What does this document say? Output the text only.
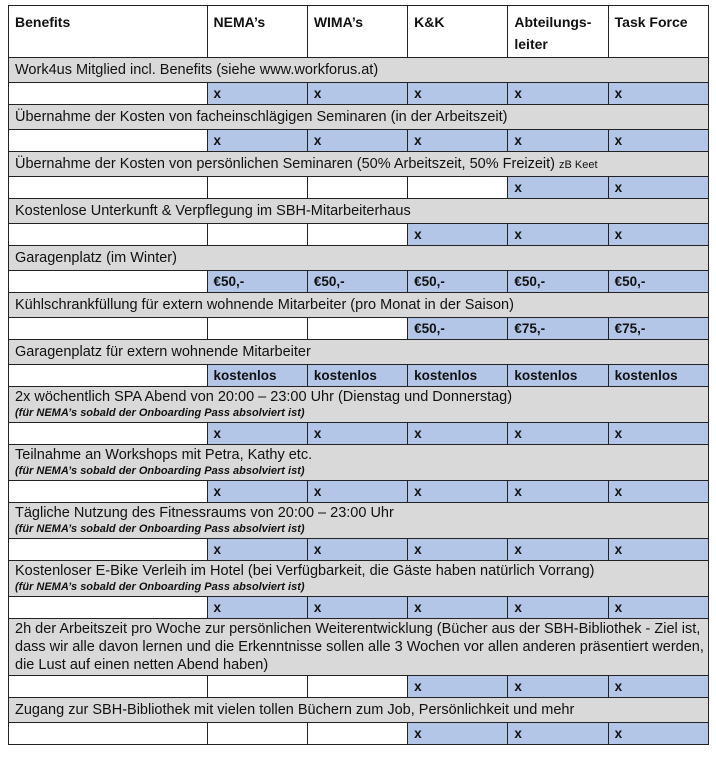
Benefits	NEMA’s	WIMA’s	K&K	Abteilungs-leiter	Task Force
Work4us Mitglied incl. Benefits (siehe www.workforus.at)					
	x	x	x	x	x
Übernahme der Kosten von facheinschlägigen Seminaren (in der Arbeitszeit)					
	x	x	x	x	x
Übernahme der Kosten von persönlichen Seminaren (50% Arbeitszeit, 50% Freizeit) zB Keet					
				x	x
Kostenlose Unterkunft & Verpflegung im SBH-Mitarbeiterhaus					
			x	x	x
Garagenplatz (im Winter)					
	€50,-	€50,-	€50,-	€50,-	€50,-
Kühlschrankfüllung für extern wohnende Mitarbeiter (pro Monat in der Saison)					
			€50,-	€75,-	€75,-
Garagenplatz für extern wohnende Mitarbeiter					
	kostenlos	kostenlos	kostenlos	kostenlos	kostenlos
2x wöchentlich SPA Abend von 20:00 – 23:00 Uhr (Dienstag und Donnerstag)
(für NEMA’s sobald der Onboarding Pass absolviert ist)					

	x	x	x	x	x
Teilnahme an Workshops mit Petra, Kathy etc.
(für NEMA’s sobald der Onboarding Pass absolviert ist)					

	x	x	x	x	x
Tägliche Nutzung des Fitnessraums von 20:00 – 23:00 Uhr
(für NEMA’s sobald der Onboarding Pass absolviert ist)					

	x	x	x	x	x
Kostenloser E-Bike Verleih im Hotel (bei Verfügbarkeit, die Gäste haben natürlich Vorrang)
(für NEMA’s sobald der Onboarding Pass absolviert ist)					

	x	x	x	x	x
2h der Arbeitszeit pro Woche zur persönlichen Weiterentwicklung (Bücher aus der SBH-Bibliothek - Ziel ist, dass wir alle davon lernen und die Erkenntnisse sollen alle 3 Wochen vor allen anderen präsentiert werden, die Lust auf einen netten Abend haben)					
			x	x	x
Zugang zur SBH-Bibliothek mit vielen tollen Büchern zum Job, Persönlichkeit und mehr					
			x	x	x
